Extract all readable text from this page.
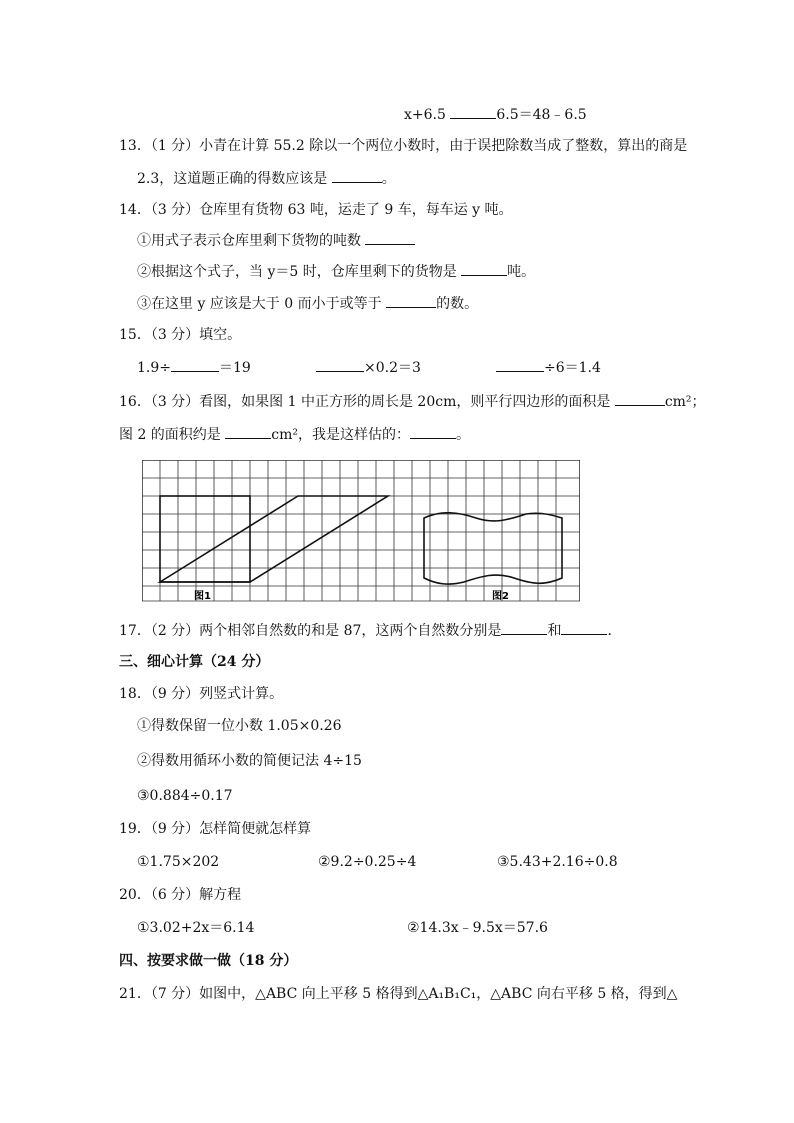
x+6.5	6.5＝48﹣6.5
13．（1 分）小青在计算 55.2 除以一个两位小数时，由于误把除数当成了整数，算出的商是
2.3，这道题正确的得数应该是	。
14．（3 分）仓库里有货物 63 吨，运走了 9 车，每车运 y 吨。
①用式子表示仓库里剩下货物的吨数
②根据这个式子，当 y＝5 时，仓库里剩下的货物是	吨。
③在这里 y 应该是大于 0 而小于或等于	的数。
15．（3 分）填空。
1.9÷	＝19	×0.2＝3	÷6＝1.4
16．（3 分）看图，如果图 1 中正方形的周长是 20cm，则平行四边形的面积是	cm²；
图 2 的面积约是	cm²，我是这样估的：	。
图1	图2
17．（2 分）两个相邻自然数的和是 87，这两个自然数分别是	和	．
三、细心计算（24 分）
18．（9 分）列竖式计算。
①得数保留一位小数 1.05×0.26
②得数用循环小数的简便记法 4÷15
③0.884÷0.17
19．（9 分）怎样简便就怎样算
①1.75×202	②9.2÷0.25÷4	③5.43+2.16÷0.8
20．（6 分）解方程
①3.02+2x＝6.14	②14.3x﹣9.5x＝57.6
四、按要求做一做（18 分）
21．（7 分）如图中，△ABC 向上平移 5 格得到△A₁B₁C₁，△ABC 向右平移 5 格，得到△
